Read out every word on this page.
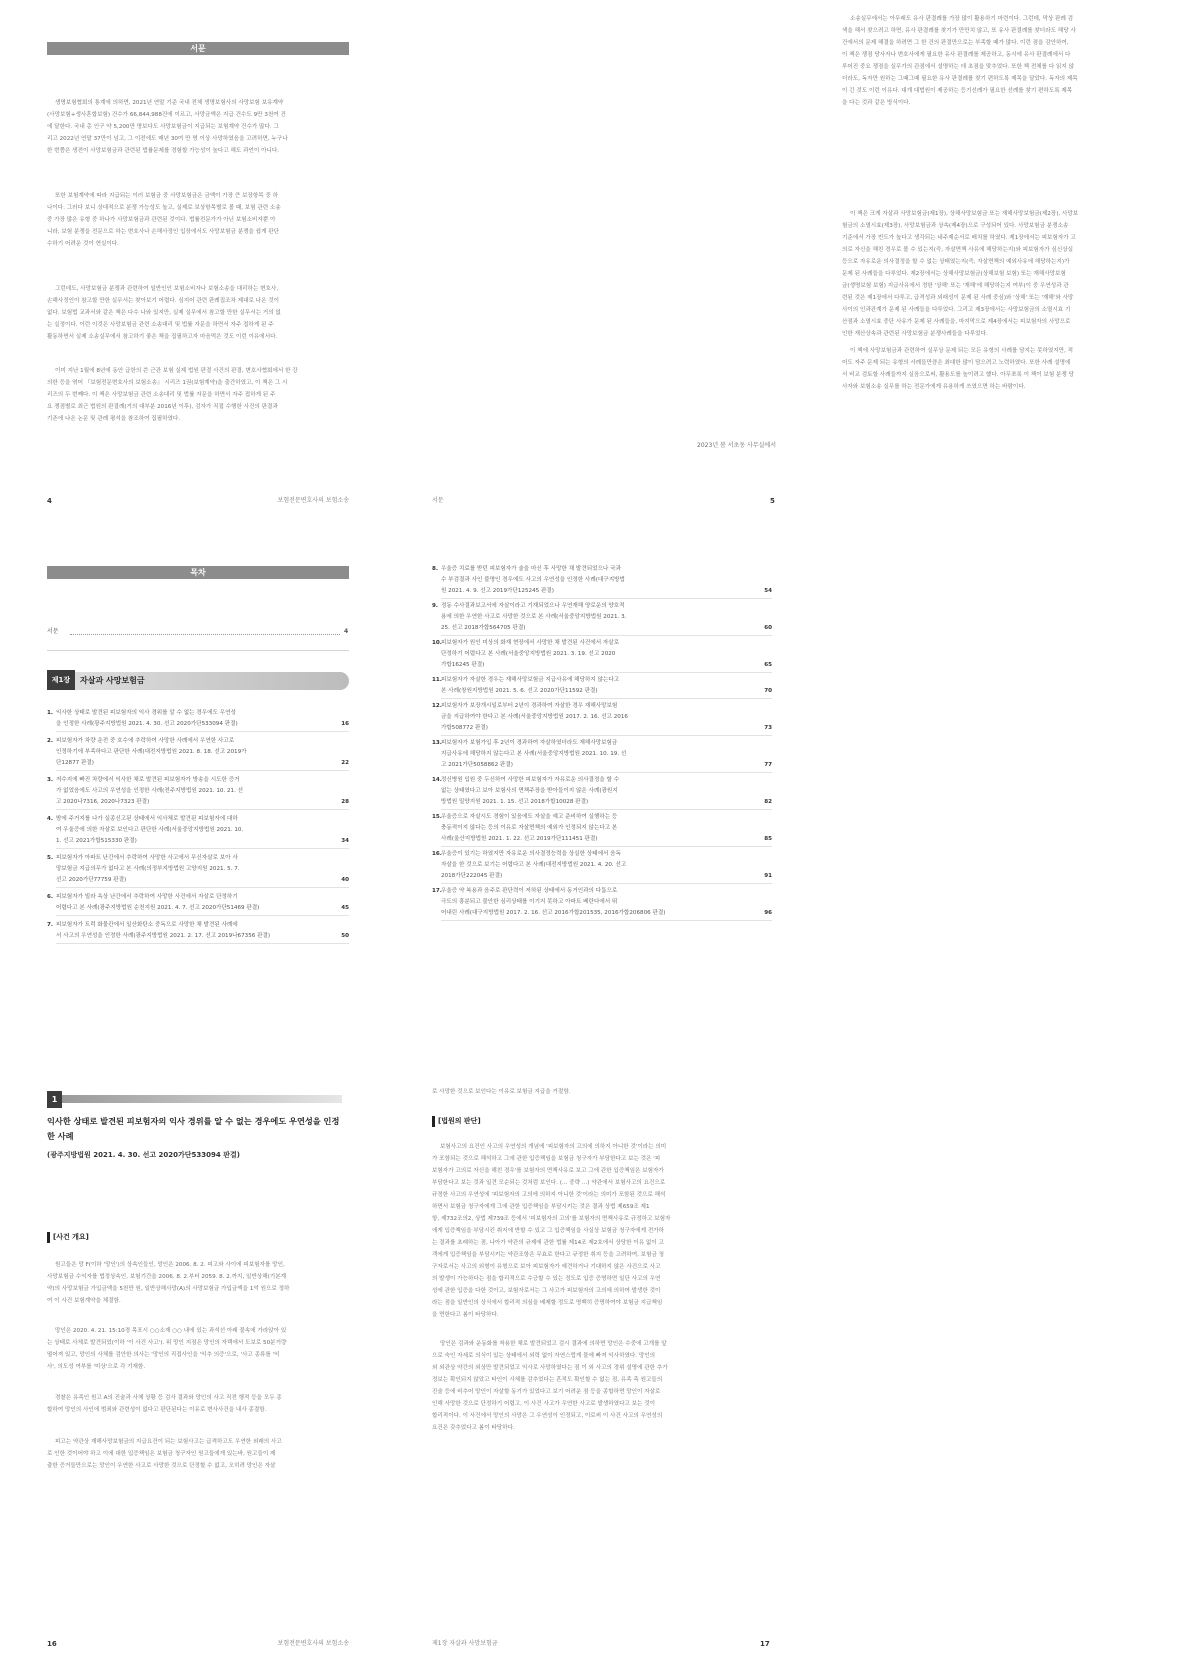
서문
생명보험협회의 통계에 의하면, 2021년 연말 기준 국내 전체 생명보험사의 사망보험 보유계약
(사망보험+생사혼합보험) 건수가 66,844,988건에 이르고, 사망금액은 지급 건수도 9만 3천여 건
에 달한다. 국내 총 인구 약 5,200만 명보다도 사망보험금이 지급되는 보험계약 건수가 많다. 그
리고 2022년 연말 37만이 넘고, 그 이전에도 매년 30여 만 명 이상 사망하였음을 고려하면, 누구나
한 번쯤은 생전이 사망보험금과 관련된 법률문제를 경험할 가능성이 높다고 해도 과언이 아니다.
또한 보험계약에 따라 지급되는 이러 보험금 중 사망보험금은 금액이 가장 큰 보장항목 중 하
나이다. 그러다 보니 상대적으로 분쟁 가능성도 높고, 실제로 보상항목별로 볼 때, 보험 관련 소송
중 가장 많은 유형 중 하나가 사망보험금과 관련된 것이다. 법률전문가가 아닌 보험소비자뿐 아
니라, 보험 분쟁을 전문으로 하는 변호사나 손해사정인 입장에서도 사망보험금 분쟁을 쉽게 판단
수하기 어려운 것이 현실이다.
그런데도, 사망보험금 분쟁과 관련하여 일반인인 보험소비자나 보험소송을 대리하는 변호사,
손해사정인이 참고할 만한 실무서는 찾아보기 어렵다. 심지어 관련 판례집조차 제대로 나온 것이
없다. 보험법 교과서와 같은 책은 다수 나와 있지만, 실제 실무에서 참고할 만한 실무서는 거의 없
는 실정이다. 이런 이것은 사망보험금 관련 소송대리 및 법률 자문을 하면서 자주 접하게 된 주
활동하면서 실제 소송실무에서 참고하기 좋은 책을 집필하고자 마음먹은 것도 이런 이유에서다.
이미 지난 1월에 8년에 동안 급한의 쓴 근관 보험 실제 법원 판결 사건의 판결, 변호사협회에서 한 강
의한 등을 엮어 『보험전문변호사의 보험소송』 시리즈 1권(보험계약)을 출간하였고, 이 책은 그 시
리즈의 두 번째다. 이 책은 사망보험금 관련 소송대리 및 법률 자문을 하면서 자주 접하게 된 주
요 쟁점별로 최근 법원의 판결례(거의 대부분 2016년 이후), 검자가 직접 수행한 사건의 판결과
기존에 나온 논문 및 관례 평석을 참조하여 집필하였다.
4	보험전문변호사의 보험소송
소송실무에서는 아무래도 유사 판결례를 가장 많이 활용하기 마련이다. 그런데, 막상 판례 검
색을 해서 찾으려고 하면, 유사 판결례를 찾기가 만만치 않고, 또 유사 판결례를 찾더라도 해당 사
건에서의 문제 해결을 하려면 그 한 건의 판결만으로는 부족할 때가 많다. 이런 점을 감안하여,
이 책은 쟁점 당사자나 변호사에게 필요한 유사 판결례를 제공하고, 동시에 유사 판결례에서 다
루어진 중요 쟁점을 실무가의 관점에서 설명하는 데 초점을 맞추었다. 또한 책 전체를 다 읽지 않
더라도, 독자만 원하는 그때그때 필요한 유사 판결례를 찾기 편하도록 제목을 달았다. 독자의 제목
이 긴 것도 이런 이유다. 대개 대법원이 제공하는 등기선례가 필요한 선례를 찾기 편하도록 제목
을 다는 것과 같은 방식이다.
이 책은 크게 자살과 사망보험금(제1장), 상해사망보험금 또는 재해사망보험금(제2장), 사망보
험금의 소멸시효(제3장), 사망보험금과 상속(제4장)으로 구성되어 있다. 사망보험금 분쟁소송
기준에서 가장 빈도가 높다고 생각되는 네주제순서로 배치를 하였다. 제1장에서는 피보험자가 고
의로 자신을 해친 경우로 볼 수 있는지(즉, 자살면책 사유에 해당하는지)와 피보험자가 심신상실
등으로 자유로운 의사결정을 할 수 없는 상태였는지(즉, 자살면책의 예외사유에 해당하는지)가
문제 된 사례들을 다루었다. 제2장에서는 상해사망보험금(상해보험 보험) 또는 재해사망보험
금(생명보험 보험) 지급사유에서 정한 '상해' 또는 '재해'에 해당하는지 여부(이 중 우연성과 관
련된 것은 제1장에서 다루고, 급격성과 외래성이 문제 된 사례 중심)와 '상해' 또는 '재해'와 사망
사이의 인과관계가 문제 된 사례들을 다루었다. 그리고 제3장에서는 사망보험금의 소멸시효 기
산점과 소멸시효 중단 사유가 문제 된 사례들을, 마지막으로 제4장에서는 피보험자의 사망으로
인한 재산상속과 관련된 사망보험금 분쟁사례들을 다루었다.
이 책에 사망보험금과 관련하여 실무상 문제 되는 모든 유형의 사례를 담지는 못하였지만, 적
어도 자주 문제 되는 유형의 사례들만큼은 최대한 많이 담으려고 노력하였다. 또한 사례 설명에
서 비교 검토할 사례들까지 실음으로써, 활용도를 높이려고 했다. 아무쪼록 이 책이 보험 분쟁 당
사자와 보험소송 실무를 하는 전문가에게 유용하게 쓰였으면 하는 바람이다.
2023년 봄 서초동 사무실에서
서문	5
목차
서문	4
제1장	자살과 사망보험금
1. 익사한 상태로 발견된 피보험자의 익사 경위를 알 수 없는 경우에도 우연성
을 인정한 사례(광주지방법원 2021. 4. 30. 선고 2020가단533094 판결)	16
2. 피보험자가 차량 운전 중 호수에 추락하여 사망한 사례에서 우연한 사고로
인정하기에 부족하다고 판단한 사례(대전지방법원 2021. 8. 18. 선고 2019가
단12877 판결)	22
3. 저수지에 빠진 차량에서 익사한 채로 발견된 피보험자가 방송을 시도한 증거
가 없었음에도 사고의 우연성을 인정한 사례(전주지방법원 2021. 10. 21. 선
고 2020나7316, 2020나7323 판결)	28
4. 밤에 주거지를 나가 실종신고된 상태에서 익사체로 발견된 피보험자에 대하
여 우울증에 의한 자살로 보인다고 판단한 사례(서울중앙지방법원 2021. 10.
1. 선고 2021가합515330 판결)	34
5. 피보험자가 아파트 난간에서 추락하여 사망한 사고에서 무신자살로 보아 사
망보험금 지급의무가 없다고 본 사례(의정부지방법원 고양지원 2021. 5. 7.
선고 2020가단77759 판결)	40
6. 피보험자가 빌라 옥상 난간에서 추락하여 사망한 사건에서 자살로 단정하기
어렵다고 본 사례(광주지방법원 순천지원 2021. 4. 7. 선고 2020가단51469 판결)	45
7. 피보험자가 트럭 화물칸에서 일산화탄소 중독으로 사망한 채 발견된 사례에
서 사고의 우연성을 인정한 사례(광주지방법원 2021. 2. 17. 선고 2019나67356 판결)	50
8. 우울증 치료를 받던 피보험자가 술을 마신 후 사망한 채 발견되었으나 국과
수 부검결과 사인 불명인 경우에도 사고의 우연성을 인정한 사례(대구지방법
원 2021. 4. 9. 선고 2019가단125245 판결)	54
9. 정동 수사결과보고서에 자살이라고 기재되었으나 우연재해 양로운의 양호적
용에 의한 우연한 사고로 사망한 것으로 본 사례(서울중앙지방법원 2021. 3.
25. 선고 2018가합564705 판결)	60
10. 피보험자가 원인 미상의 화재 현장에서 사망한 채 발견된 사건에서 자살로
단정하기 어렵다고 본 사례(서울중앙지방법원 2021. 3. 19. 선고 2020
가합16245 판결)	65
11. 피보험자가 자살한 경우는 재해사망보험금 지급사유에 해당하지 않는다고
본 사례(창원지방법원 2021. 5. 6. 선고 2020가단11592 판결)	70
12. 피보험자가 보장개시일로부터 2년이 경과하여 자살한 경우 재해사망보험
금을 지급하여야 한다고 본 사례(서울중앙지방법원 2017. 2. 16. 선고 2016
가합508772 판결)	73
13. 피보험자가 보험가입 후 2년이 경과하여 자살하였더라도 재해사망보험금
지급사유에 해당하지 않는다고 본 사례(서울중앙지방법원 2021. 10. 19. 선
고 2021가단5058862 판결)	77
14. 정신병원 입원 중 두신하여 사망한 피보험자가 자유로운 의사결정을 할 수
없는 상태였다고 보아 보험사의 면책주장을 받아들이지 않은 사례(광원지
방법원 밀양지원 2021. 1. 15. 선고 2018가합10028 판결)	82
15. 우울증으로 자살시도 경험이 있음에도 자살을 예고 준비하여 실행하는 등
충동적이지 않다는 등의 이유로 자살면책의 예외가 인정되지 않는다고 본
사례(울산지방법원 2021. 1. 22. 선고 2019가단111451 판결)	85
16. 우울증이 있기는 하였지만 자유로운 의사결정능력을 상실한 상태에서 음독
자살을 한 것으로 보기는 어렵다고 본 사례(대전지방법원 2021. 4. 20. 선고
2018가단222045 판결)	91
17. 우울증 약 복용과 음주로 판단력이 저하된 상태에서 동거인과의 다툼으로
극도의 흥분되고 불안한 심리상태를 이기지 못하고 아파트 베란다에서 뛰
어내린 사례(대구지방법원 2017. 2. 16. 선고 2016가합201535, 2016가합206806 판결)	96
1
익사한 상태로 발견된 피보험자의 익사 경위를 알 수 없는 경우에도 우연성을 인정한 사례
(광주지방법원 2021. 4. 30. 선고 2020가단533094 판결)
[사건 개요]
원고들은 망 F(이하 '망인')의 상속인들인, 망인은 2006. 8. 2. 피고와 사이에 피보험자를 망인,
사망보험금 수익자를 법정상속인, 보험기간을 2006. 8. 2.부터 2059. 8. 2.까지, 일반상해(기본계
약)의 사망보험금 가입금액을 5천만 원, 일반상해사망(A)의 사망보험금 가입금액을 1억 원으로 정하
여 이 사건 보험계약을 체결함.
망인은 2020. 4. 21. 15:10경 목포시 ○○소재 ○○ 내에 있는 과석선 아래 물속에 가라앉아 있
는 상태로 사체로 발견되었(이하 '이 사건 사고'). 위 망인 지점은 망인의 자택에서 도보로 50분거량
떨어져 있고, 망인의 사체를 검안한 의사는 '망인의 직접사인을 '익추 의증'으로, '사고 종류를 '익
사', 의도성 여부를 '미상'으로 각 기재함.
경찰은 유족인 원고 A의 진술과 사체 상황 등 검사 결과와 망인의 사고 직전 행적 등을 모두 종
합하여 망인의 사인에 범죄와 관련성이 없다고 판단된다는 이유로 변사사건을 내사 종결함.
피고는 약관상 재해사망보험금의 지급요건이 되는 보험사고는 급격하고도 우연한 외래의 사고
로 인한 것이어야 하고 이에 대한 입증책임은 보험금 청구자인 원고들에게 있는바, 원고들이 제
출한 증거들만으로는 망인이 우연한 사고로 사망한 것으로 단정할 수 없고, 오히려 망인은 자살
16	보험전문변호사의 보험소송
로 사망한 것으로 보인다는 이유로 보험금 지급을 거절함.
[법원의 판단]
보험사고의 요건인 사고의 우연성의 개념에 '피보험자의 고의에 의하지 아니한 것'이라는 의미
가 포함되는 것으로 해석하고 그에 관한 입증책임을 보험금 청구자가 부담한다고 보는 것은 '피
보험자가 고의로 자신을 해친 경우'를 보험자의 면책사유로 보고 그에 관한 입증책임은 보험자가
부담한다고 보는 것과 일견 모순되는 것처럼 보인다. (… 중략 …) 약관에서 보험사고의 요건으로
규정한 사고의 우연성에 '피보험자의 고의에 의하지 아니한 것'이라는 의미가 포함된 것으로 해석
하면서 보험금 청구자에게 그에 관한 입증책임을 부담시키는 것은 결과 상법 제659조 제1
항, 제732조의2, 상법 제739조 등에서 '피보험자의 고의'를 보험자의 면책사유로 규정하고 보험자
에게 입증책임을 부담시킨 취지에 반할 수 있고 그 입증책임을 사실상 보험금 청구자에게 전가하
는 결과를 초래하는 점, 나아가 약관의 규제에 관한 법률 제14조 제2호에서 상당한 이유 없이 고
객에게 입증책임을 부담시키는 약관조항은 무효로 한다고 규정한 취지 등을 고려하여, 보험금 청
구자로서는 사고의 외형이 유형으로 보아 피보험자가 예견하거나 기대하지 않은 사건으로 사고
의 발생이 가능하다는 점을 합리적으로 수긍할 수 있는 정도로 입증 증명하면 일단 사고의 우연
성에 관한 입증을 다한 것이고, 보험자로서는 그 사고가 피보험자의 고의에 의하여 발생한 것이
라는 점을 일반인의 상식에서 합리적 의심을 배제할 정도로 명백히 증명하여야 보험금 지급책임
을 면한다고 봄이 타당하다.
망인은 검과와 운동화를 착용한 채로 발견되었고 검시 결과에 의하면 망인은 수중에 고개를 앞
으로 숙인 자세로 의식이 있는 상태에서 외력 없이 자연스럽게 물에 빠져 익사하였다. 망인의
외 외관상 약간의 외상만 발견되었고 익사로 사망하였다는 점 이 외 사고의 경위 설명에 관한 추가
정보는 확인되지 않았고 타인이 사체를 감추었다는 흔적도 확인할 수 없는 점, 유족 측 원고들의
진술 등에 비추어 망인이 자살할 동기가 있었다고 보기 어려운 점 등을 종합하면 망인이 자살로
인해 사망한 것으로 단정하기 어렵고, 이 사건 사고가 우연한 사고로 발생하였다고 보는 것이
합리적이다. 이 사건에서 망인의 사망은 그 우연성이 인정되고, 이로써 이 사건 사고의 우연성의
요건은 갖추었다고 봄이 타당하다.
제1장 자살과 사망보험금	17
